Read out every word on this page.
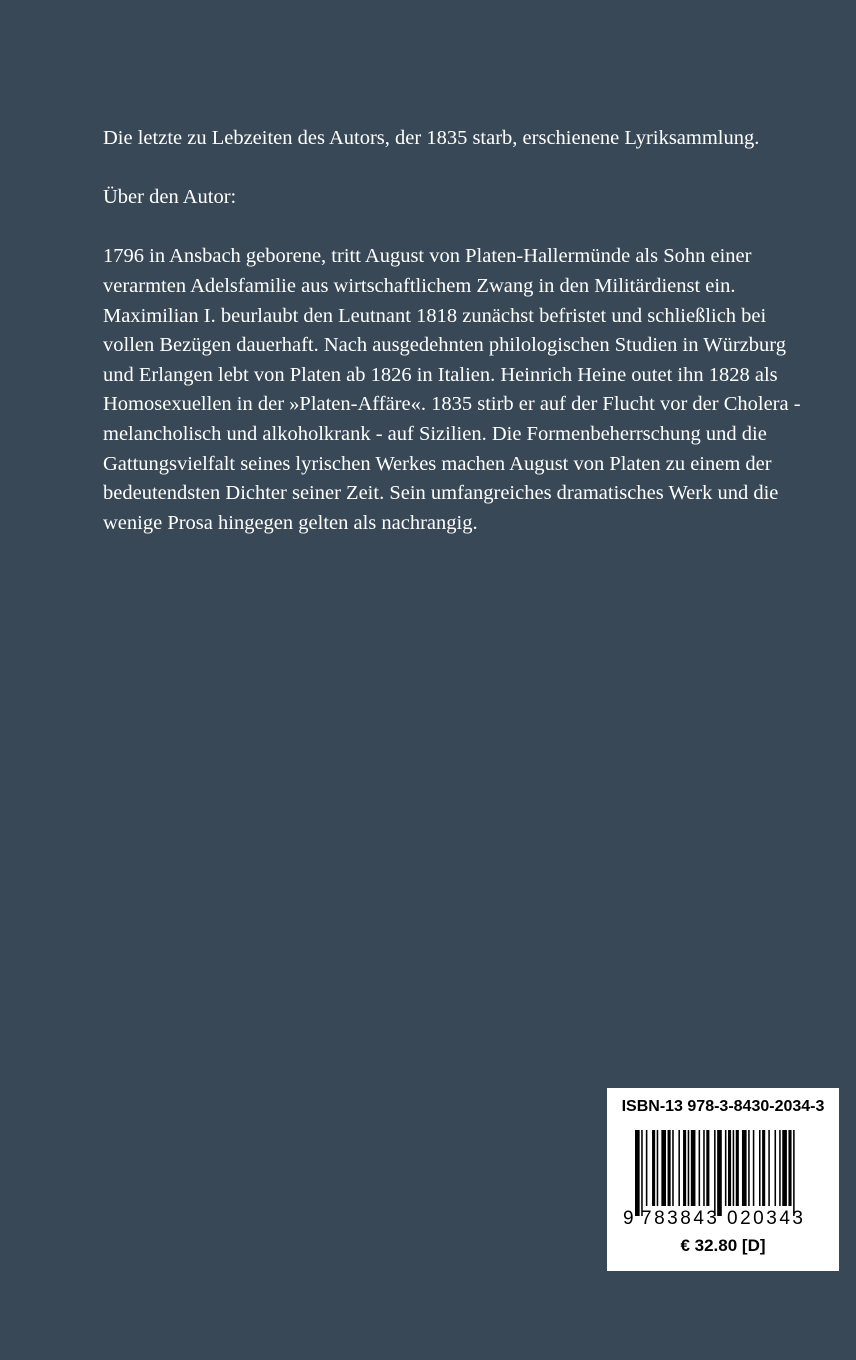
Die letzte zu Lebzeiten des Autors, der 1835 starb, erschienene Lyriksammlung.

Über den Autor:

1796 in Ansbach geborene, tritt August von Platen-Hallermünde als Sohn einer verarmten Adelsfamilie aus wirtschaftlichem Zwang in den Militärdienst ein. Maximilian I. beurlaubt den Leutnant 1818 zunächst befristet und schließlich bei vollen Bezügen dauerhaft. Nach ausgedehnten philologischen Studien in Würzburg und Erlangen lebt von Platen ab 1826 in Italien. Heinrich Heine outet ihn 1828 als Homosexuellen in der »Platen-Affäre«. 1835 stirb er auf der Flucht vor der Cholera - melancholisch und alkoholkrank - auf Sizilien. Die Formenbeherrschung und die Gattungsvielfalt seines lyrischen Werkes machen August von Platen zu einem der bedeutendsten Dichter seiner Zeit. Sein umfangreiches dramatisches Werk und die wenige Prosa hingegen gelten als nachrangig.

ISBN-13 978-3-8430-2034-3
9 783843 020343
€ 32.80 [D]
